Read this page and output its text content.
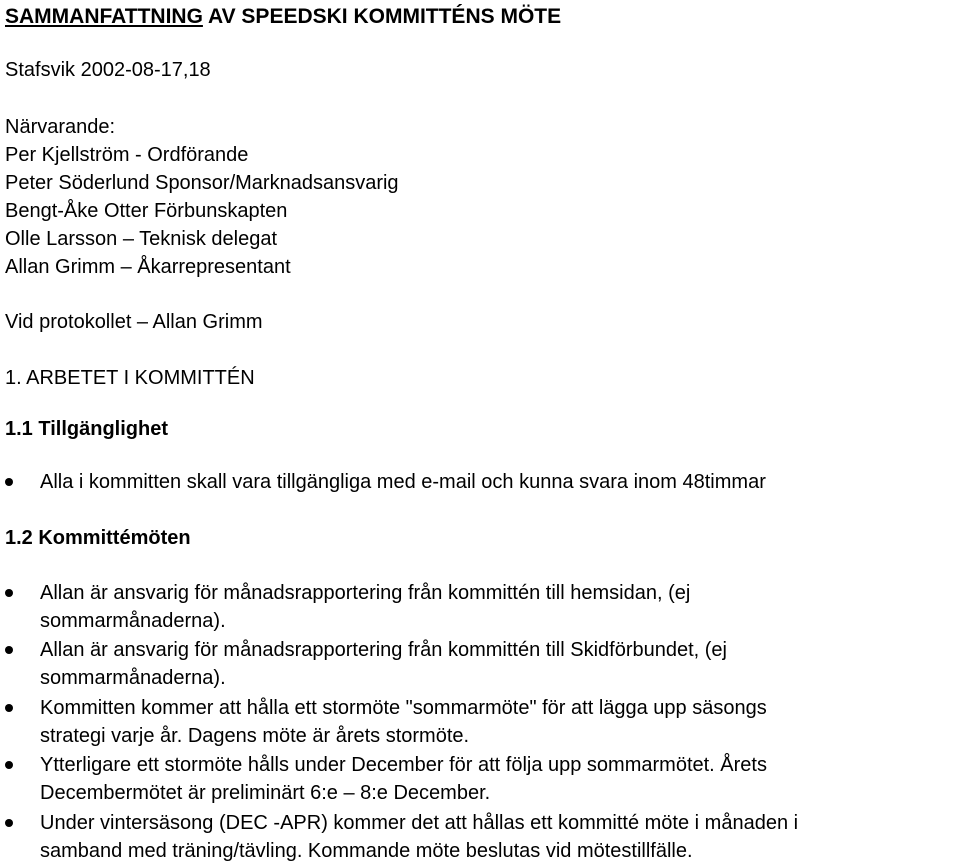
SAMMANFATTNING AV SPEEDSKI KOMMITTÉNS MÖTE
Stafsvik 2002-08-17,18
Närvarande:
Per Kjellström - Ordförande
Peter Söderlund Sponsor/Marknadsansvarig
Bengt-Åke Otter Förbunskapten
Olle Larsson – Teknisk delegat
Allan Grimm – Åkarrepresentant
Vid protokollet – Allan Grimm
1. ARBETET I KOMMITTÉN
1.1 Tillgänglighet
Alla i kommitten skall vara tillgängliga med e-mail och kunna svara inom 48timmar
1.2 Kommittémöten
Allan är ansvarig för månadsrapportering från kommittén till hemsidan, (ej
sommarmånaderna).
Allan är ansvarig för månadsrapportering från kommittén till Skidförbundet, (ej
sommarmånaderna).
Kommitten kommer att hålla ett stormöte "sommarmöte" för att lägga upp säsongs
strategi varje år. Dagens möte är årets stormöte.
Ytterligare ett stormöte hålls under December för att följa upp sommarmötet. Årets
Decembermötet är preliminärt 6:e – 8:e December.
Under vintersäsong (DEC -APR) kommer det att hållas ett kommitté möte i månaden i
samband med träning/tävling. Kommande möte beslutas vid mötestillfälle.
